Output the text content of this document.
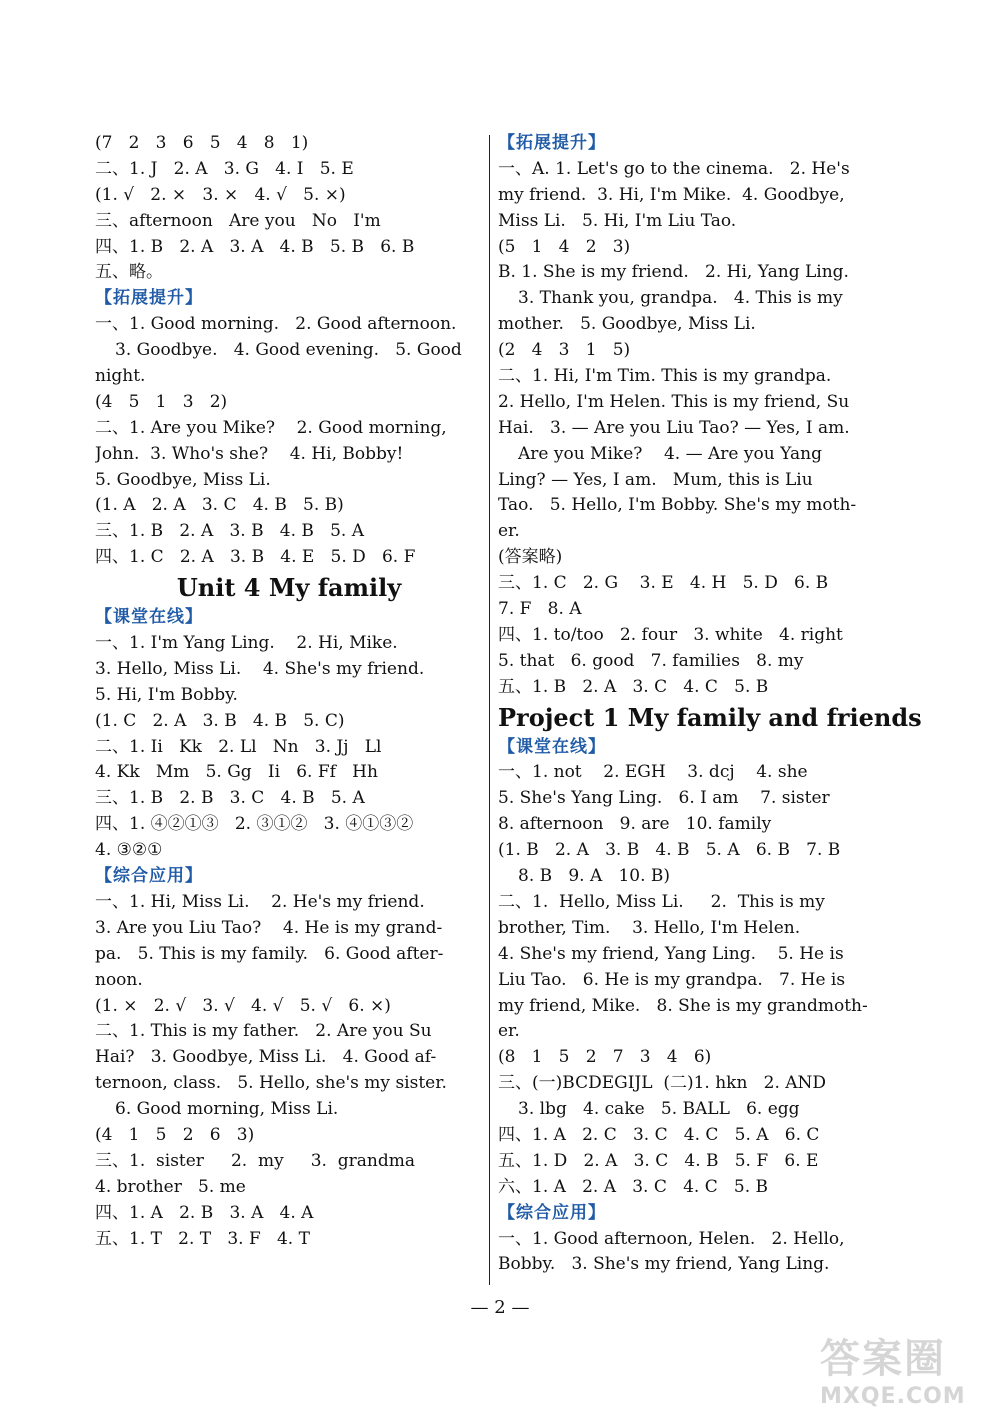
(7   2   3   6   5   4   8   1)
二、1. J   2. A   3. G   4. I   5. E
(1. √   2. ×   3. ×   4. √   5. ×)
三、afternoon   Are you   No   I'm
四、1. B   2. A   3. A   4. B   5. B   6. B
五、略。
【拓展提升】
一、1. Good morning.   2. Good afternoon.
3. Goodbye.   4. Good evening.   5. Good
night.
(4   5   1   3   2)
二、1. Are you Mike?    2. Good morning,
John.  3. Who's she?    4. Hi, Bobby!
5. Goodbye, Miss Li.
(1. A   2. A   3. C   4. B   5. B)
三、1. B   2. A   3. B   4. B   5. A
四、1. C   2. A   3. B   4. E   5. D   6. F
Unit 4 My family
【课堂在线】
一、1. I'm Yang Ling.    2. Hi, Mike.
3. Hello, Miss Li.    4. She's my friend.
5. Hi, I'm Bobby.
(1. C   2. A   3. B   4. B   5. C)
二、1. Ii   Kk   2. Ll   Nn   3. Jj   Ll
4. Kk   Mm   5. Gg   Ii   6. Ff   Hh
三、1. B   2. B   3. C   4. B   5. A
四、1. ④②①③   2. ③①②   3. ④①③②
4. ③②①
【综合应用】
一、1. Hi, Miss Li.    2. He's my friend.
3. Are you Liu Tao?    4. He is my grand-
pa.   5. This is my family.   6. Good after-
noon.
(1. ×   2. √   3. √   4. √   5. √   6. ×)
二、1. This is my father.   2. Are you Su
Hai?   3. Goodbye, Miss Li.   4. Good af-
ternoon, class.   5. Hello, she's my sister.
6. Good morning, Miss Li.
(4   1   5   2   6   3)
三、1.  sister     2.  my     3.  grandma
4. brother   5. me
四、1. A   2. B   3. A   4. A
五、1. T   2. T   3. F   4. T
【拓展提升】
一、A. 1. Let's go to the cinema.   2. He's
my friend.  3. Hi, I'm Mike.  4. Goodbye,
Miss Li.   5. Hi, I'm Liu Tao.
(5   1   4   2   3)
B. 1. She is my friend.   2. Hi, Yang Ling.
3. Thank you, grandpa.   4. This is my
mother.   5. Goodbye, Miss Li.
(2   4   3   1   5)
二、1. Hi, I'm Tim. This is my grandpa.
2. Hello, I'm Helen. This is my friend, Su
Hai.   3. — Are you Liu Tao? — Yes, I am.
Are you Mike?    4. — Are you Yang
Ling? — Yes, I am.   Mum, this is Liu
Tao.   5. Hello, I'm Bobby. She's my moth-
er.
(答案略)
三、1. C   2. G    3. E   4. H   5. D   6. B
7. F   8. A
四、1. to/too   2. four   3. white   4. right
5. that   6. good   7. families   8. my
五、1. B   2. A   3. C   4. C   5. B
Project 1 My family and friends
【课堂在线】
一、1. not    2. EGH    3. dcj    4. she
5. She's Yang Ling.   6. I am    7. sister
8. afternoon   9. are   10. family
(1. B   2. A   3. B   4. B   5. A   6. B   7. B
8. B   9. A   10. B)
二、1.  Hello, Miss Li.     2.  This is my
brother, Tim.    3. Hello, I'm Helen.
4. She's my friend, Yang Ling.    5. He is
Liu Tao.   6. He is my grandpa.   7. He is
my friend, Mike.   8. She is my grandmoth-
er.
(8   1   5   2   7   3   4   6)
三、(一)BCDEGIJL  (二)1. hkn   2. AND
3. lbg   4. cake   5. BALL   6. egg
四、1. A   2. C   3. C   4. C   5. A   6. C
五、1. D   2. A   3. C   4. B   5. F   6. E
六、1. A   2. A   3. C   4. C   5. B
【综合应用】
一、1. Good afternoon, Helen.   2. Hello,
Bobby.   3. She's my friend, Yang Ling.
— 2 —
答案圈
MXQE.COM
